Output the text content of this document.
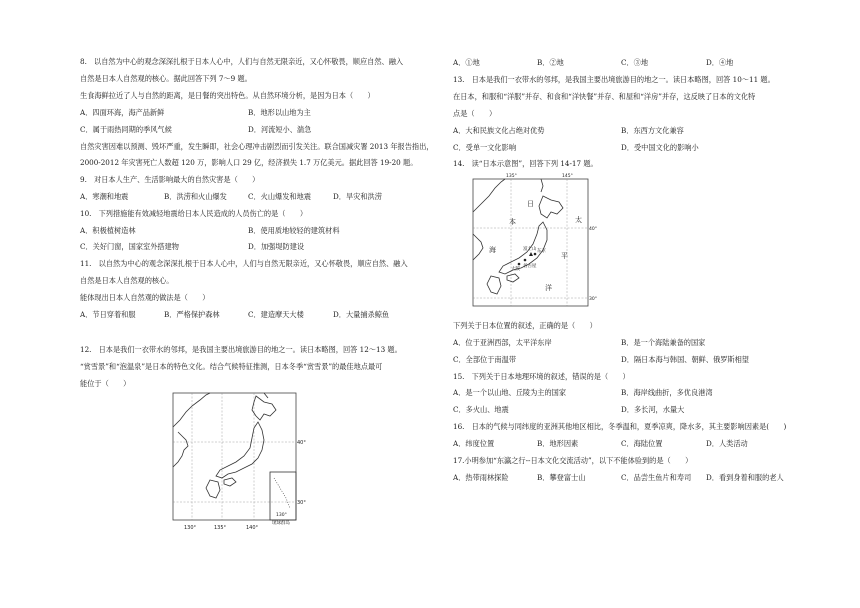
8.　以自然为中心的观念深深扎根于日本人心中，人们与自然无限亲近，又心怀敬畏，顺应自然、融入
自然是日本人自然观的核心。据此回答下列 7～9 题。
生食海鲜拉近了人与自然的距离，是日餐的突出特色。从自然环境分析，是因为日本（　　）
A．四面环海，海产品新鲜	B．地形以山地为主
C．属于雨热同期的季风气候	D．河流短小、湍急
自然灾害因难以预测、毁坏严重，发生瞬即，社会心理冲击剧烈而引发关注。联合国减灾署 2013 年报告指出，
2000-2012 年灾害死亡人数超 120 万，影响人口 29 亿，经济损失 1.7 万亿美元。据此回答 19-20 题。
9.　对日本人生产、生活影响最大的自然灾害是（　　）
A．寒潮和地震	B．洪涝和火山爆发	C．火山爆发和地震	D．旱灾和洪涝
10.　下列措施能有效减轻地震给日本人民造成的人员伤亡的是（　　）
A．积极植树造林	B．使用质地较轻的建筑材料
C．关好门窗，国家室外搭建物	D．加强堤防建设
11.　以自然为中心的观念深深扎根于日本人心中，人们与自然无限亲近，又心怀敬畏，顺应自然、融入
自然是日本人自然观的核心。
能体现出日本人自然观的做法是（　　）
A．节日穿着和服	B．严格保护森林	C．建造摩天大楼	D．大量捕杀鲸鱼
12.　日本是我们一衣带水的邻邦，是我国主要出境旅游目的地之一。读日本略图，回答 12～13 题。
“赏雪景”和“泡温泉”是日本的特色文化。结合气候特征推测，日本冬季“赏雪景”的最佳地点最可
能位于（　　）
130°
琉球群岛
40°
30°
130°	135°	140°
A．①地	B．②地	C．③地	D．④地
13.　日本是我们一衣带水的邻邦，是我国主要出境旅游目的地之一。读日本略图，回答 10～11 题。
在日本，和服和“洋服”并存、和食和“洋快餐”并存、和屋和“洋房”并存，这反映了日本的文化特
点是（　　）
A．大和民族文化占绝对优势	B．东西方文化兼容
C．受单一文化影响	D．受中国文化的影响小
14.　读“日本示意图”，回答下列 14-17 题。
下列关于日本位置的叙述，正确的是（　　）
A．位于亚洲西部，太平洋东岸	B．是一个海陆兼备的国家
C．全部位于南温带	D．隔日本海与韩国、朝鲜、俄罗斯相望
15.　下列关于日本地理环境的叙述，错误的是（　　）
A．是一个以山地、丘陵为主的国家	B．海岸线曲折，多优良港湾
C．多火山、地震	D．多长河，水量大
16.　日本的气候与同纬度的亚洲其他地区相比，冬季温和，夏季凉爽，降水多，其主要影响因素是(　　)
A．纬度位置	B．地形因素	C．海陆位置	D．人类活动
17.小明参加“东瀛之行--日本文化交流活动”，以下不能体验到的是（　　）
A．热带雨林探险	B．攀登富士山	C．品尝生鱼片和寿司 D．看到身着和服的老人
东京
大阪
名古屋
富士山
日
本
海
太
平
洋
135°	145°
40°
30°
